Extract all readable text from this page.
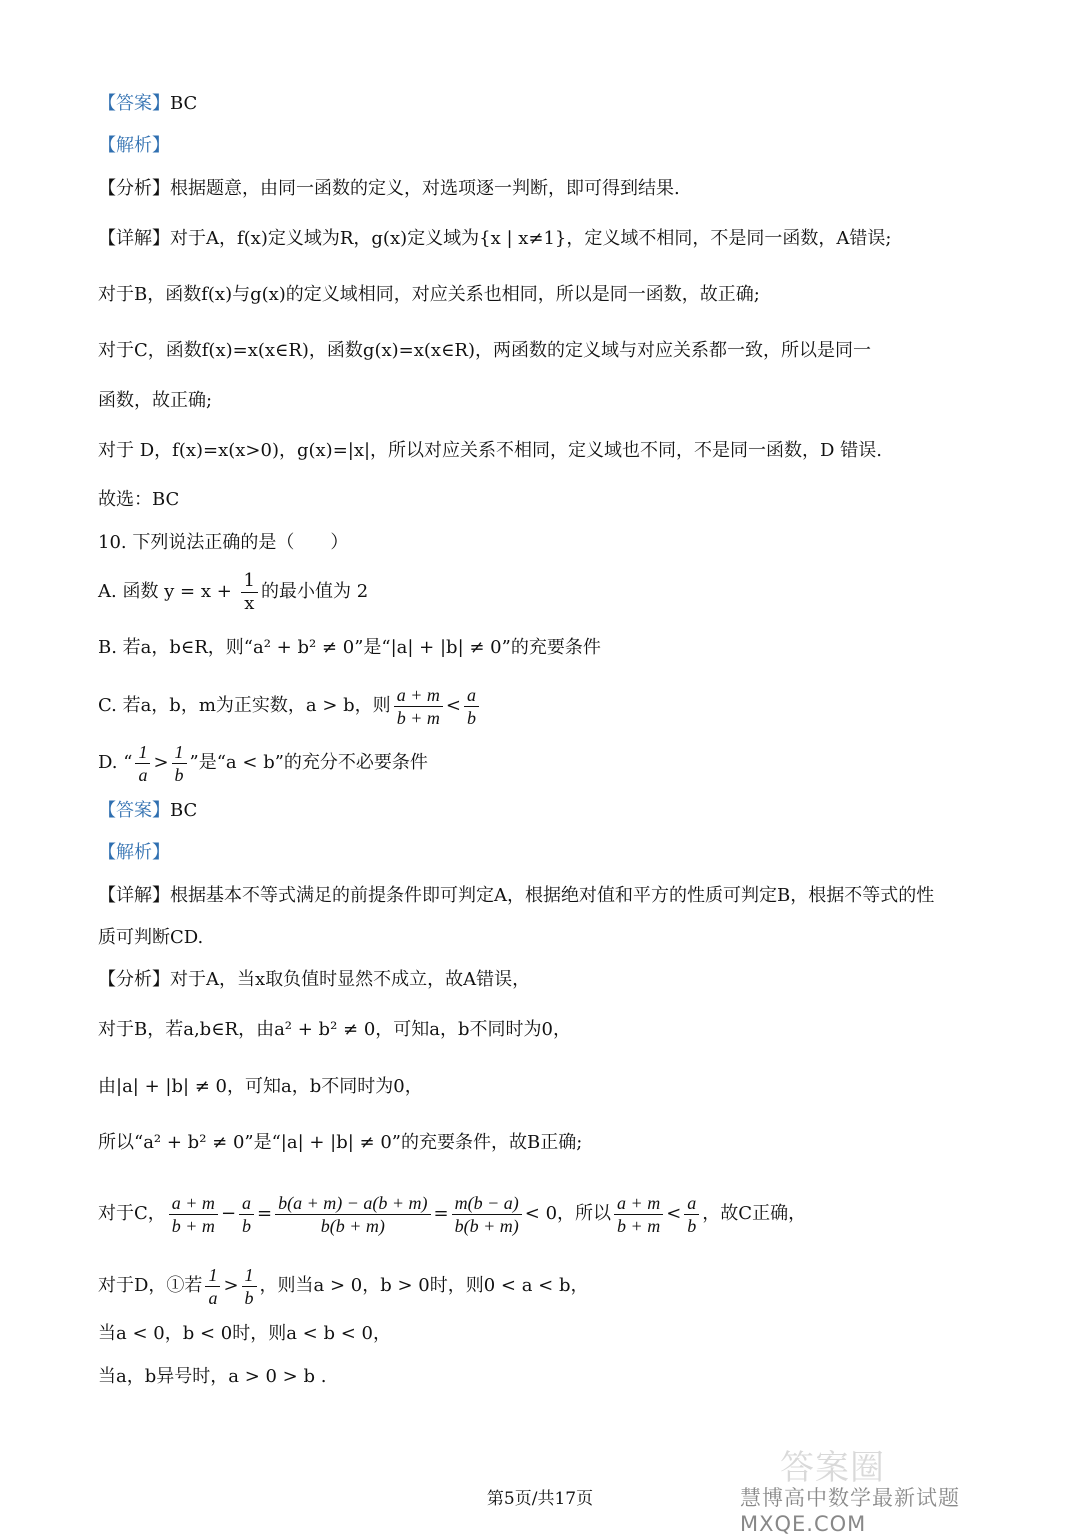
【答案】BC
【解析】
【分析】根据题意，由同一函数的定义，对选项逐一判断，即可得到结果.
【详解】对于A，f(x)定义域为R，g(x)定义域为{x | x≠1}，定义域不相同，不是同一函数，A错误;
对于B，函数f(x)与g(x)的定义域相同，对应关系也相同，所以是同一函数，故正确;
对于C，函数f(x)=x(x∈R)，函数g(x)=x(x∈R)，两函数的定义域与对应关系都一致，所以是同一
函数，故正确;
对于 D，f(x)=x(x>0)，g(x)=|x|，所以对应关系不相同，定义域也不同，不是同一函数，D 错误.
故选：BC
10. 下列说法正确的是（　　）
A. 函数 $y = x + \frac{1}{x}$ 的最小值为 2
B. 若a，b∈R，则“a² + b² ≠ 0”是“|a| + |b| ≠ 0”的充要条件
C. 若a，b，m为正实数，a > b，则 $\frac{a + m}{b + m} < \frac{a}{b}$
D. “ $\frac{1}{a} > \frac{1}{b}$ ”是“a < b”的充分不必要条件
【答案】BC
【解析】
【详解】根据基本不等式满足的前提条件即可判定A，根据绝对值和平方的性质可判定B，根据不等式的性
质可判断CD.
【分析】对于A，当x取负值时显然不成立，故A错误，
对于B，若a,b∈R，由a² + b² ≠ 0，可知a，b不同时为0，
由|a| + |b| ≠ 0，可知a，b不同时为0，
所以“a² + b² ≠ 0”是“|a| + |b| ≠ 0”的充要条件，故B正确;
对于C， $\frac{a + m}{b + m} - \frac{a}{b} = \frac{b(a + m) - a(b + m)}{b(b + m)} = \frac{m(b - a)}{b(b + m)} < 0$，所以 $\frac{a + m}{b + m} < \frac{a}{b}$ ，故C正确，
对于D，①若 $\frac{1}{a} > \frac{1}{b}$ ，则当a > 0，b > 0时，则0 < a < b，
当a < 0，b < 0时，则a < b < 0，
当a，b异号时，a > 0 > b .
答案圈
慧博高中数学最新试题 MXQE.COM
第5页/共17页
